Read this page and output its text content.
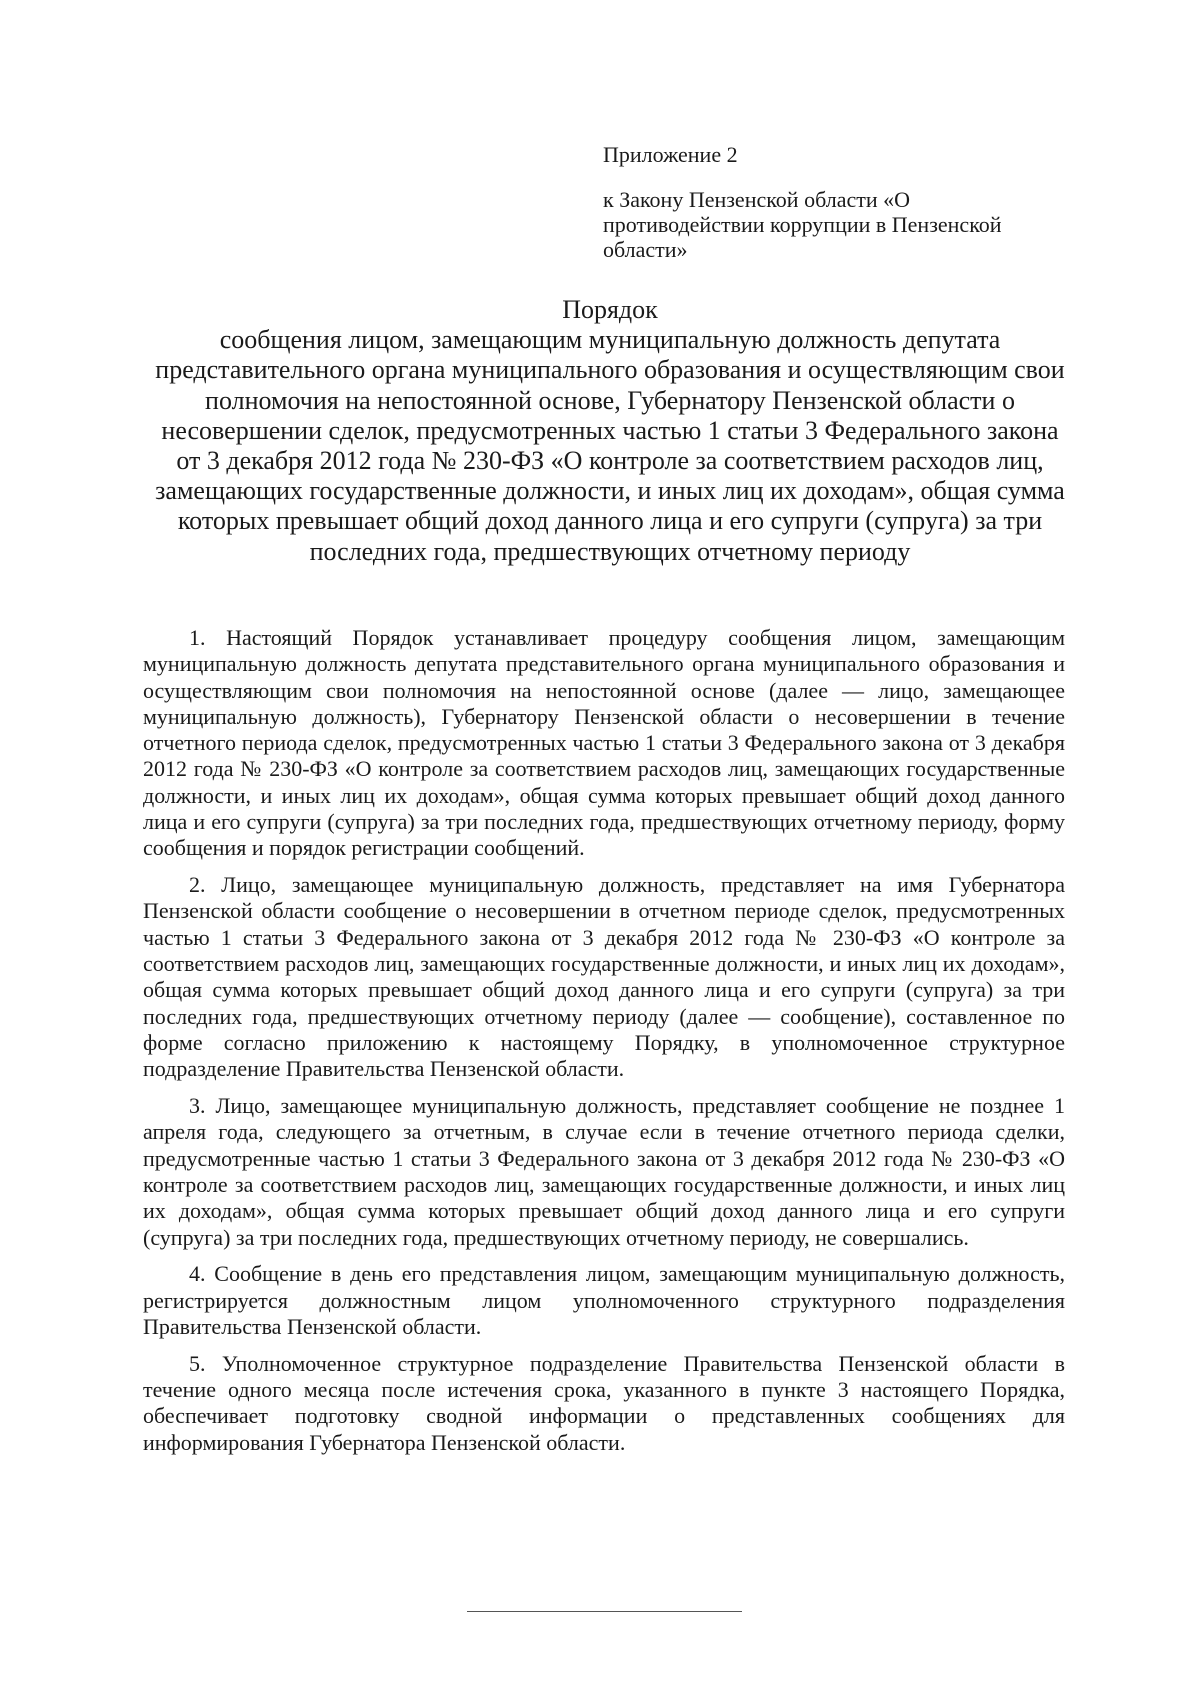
Приложение 2

к Закону Пензенской области «О противодействии коррупции в Пензенской области»

Порядок

сообщения лицом, замещающим муниципальную должность депутата представительного органа муниципального образования и осуществляющим свои полномочия на непостоянной основе, Губернатору Пензенской области о несовершении сделок, предусмотренных частью 1 статьи 3 Федерального закона от 3 декабря 2012 года № 230-ФЗ «О контроле за соответствием расходов лиц, замещающих государственные должности, и иных лиц их доходам», общая сумма которых превышает общий доход данного лица и его супруги (супруга) за три последних года, предшествующих отчетному периоду

1. Настоящий Порядок устанавливает процедуру сообщения лицом, замещающим муниципальную должность депутата представительного органа муниципального образования и осуществляющим свои полномочия на непостоянной основе (далее — лицо, замещающее муниципальную должность), Губернатору Пензенской области о несовершении в течение отчетного периода сделок, предусмотренных частью 1 статьи 3 Федерального закона от 3 декабря 2012 года № 230-ФЗ «О контроле за соответствием расходов лиц, замещающих государственные должности, и иных лиц их доходам», общая сумма которых превышает общий доход данного лица и его супруги (супруга) за три последних года, предшествующих отчетному периоду, форму сообщения и порядок регистрации сообщений.

2. Лицо, замещающее муниципальную должность, представляет на имя Губернатора Пензенской области сообщение о несовершении в отчетном периоде сделок, предусмотренных частью 1 статьи 3 Федерального закона от 3 декабря 2012 года № 230-ФЗ «О контроле за соответствием расходов лиц, замещающих государственные должности, и иных лиц их доходам», общая сумма которых превышает общий доход данного лица и его супруги (супруга) за три последних года, предшествующих отчетному периоду (далее — сообщение), составленное по форме согласно приложению к настоящему Порядку, в уполномоченное структурное подразделение Правительства Пензенской области.

3. Лицо, замещающее муниципальную должность, представляет сообщение не позднее 1 апреля года, следующего за отчетным, в случае если в течение отчетного периода сделки, предусмотренные частью 1 статьи 3 Федерального закона от 3 декабря 2012 года № 230-ФЗ «О контроле за соответствием расходов лиц, замещающих государственные должности, и иных лиц их доходам», общая сумма которых превышает общий доход данного лица и его супруги (супруга) за три последних года, предшествующих отчетному периоду, не совершались.

4. Сообщение в день его представления лицом, замещающим муниципальную должность, регистрируется должностным лицом уполномоченного структурного подразделения Правительства Пензенской области.

5. Уполномоченное структурное подразделение Правительства Пензенской области в течение одного месяца после истечения срока, указанного в пункте 3 настоящего Порядка, обеспечивает подготовку сводной информации о представленных сообщениях для информирования Губернатора Пензенской области.
